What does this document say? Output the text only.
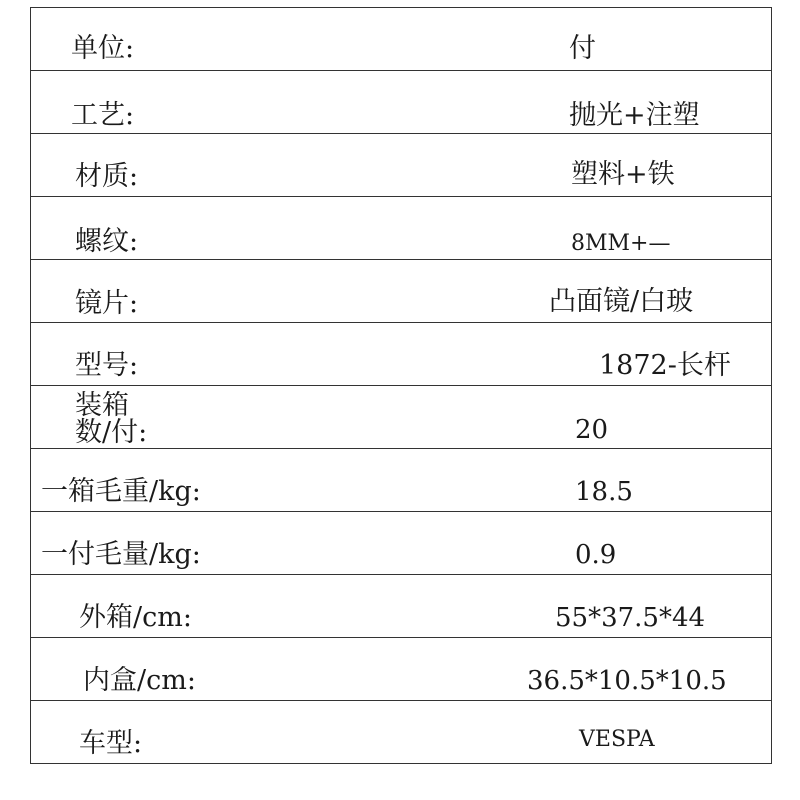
单位:	付
工艺:	抛光+注塑
材质:	塑料+铁
螺纹:	8MM+—
镜片:	凸面镜/白玻
型号:	1872-长杆
装箱
数/付:	20
一箱毛重/kg:	18.5
一付毛量/kg:	0.9
外箱/cm:	55*37.5*44
内盒/cm:	36.5*10.5*10.5
车型:	VESPA
